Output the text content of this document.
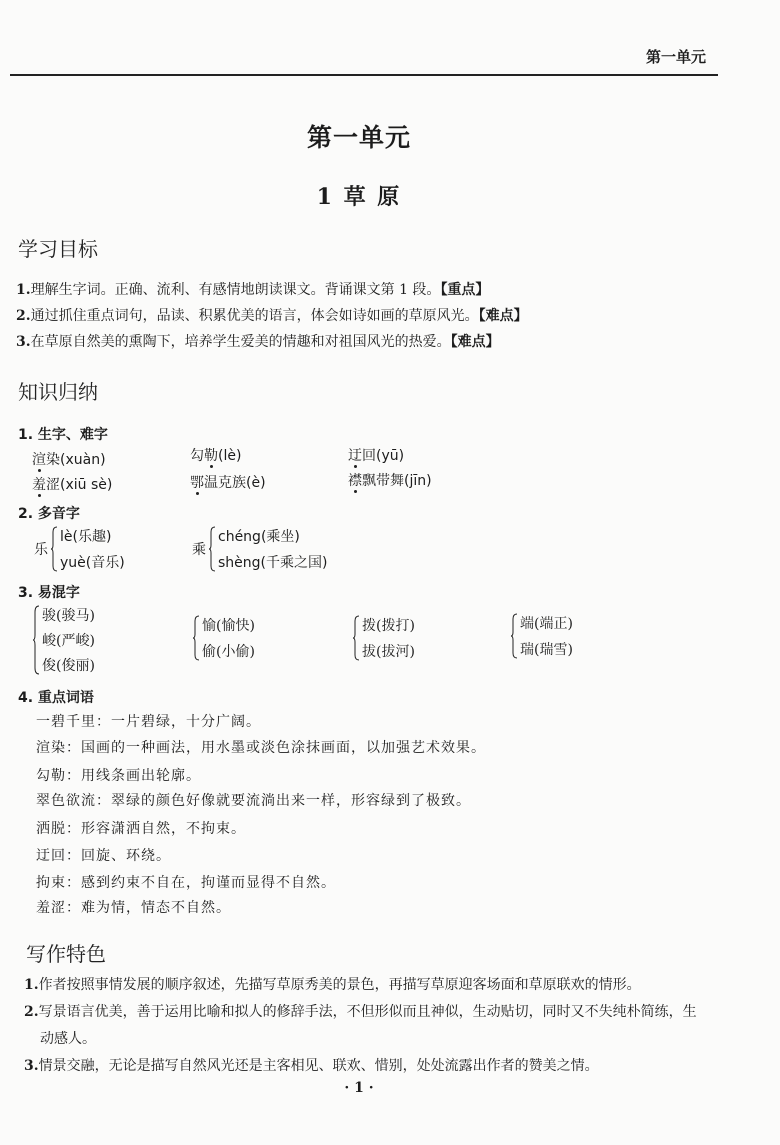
第一单元
第一单元
1 草 原
学习目标
1.理解生字词。正确、流利、有感情地朗读课文。背诵课文第 1 段。【重点】
2.通过抓住重点词句，品读、积累优美的语言，体会如诗如画的草原风光。【难点】
3.在草原自然美的熏陶下，培养学生爱美的情趣和对祖国风光的热爱。【难点】
知识归纳
1. 生字、难字
渲染(xuàn)	勾勒(lè)	迂回(yū)
羞涩(xiū sè)	鄂温克族(è)	襟飘带舞(jīn)
2. 多音字
乐
lè(乐趣)
yuè(音乐)
乘
chéng(乘坐)
shèng(千乘之国)
3. 易混字
骏(骏马)
峻(严峻)
俊(俊丽)
愉(愉快)
偷(小偷)
拨(拨打)
拔(拔河)
端(端正)
瑞(瑞雪)
4. 重点词语
一碧千里：一片碧绿，十分广阔。
渲染：国画的一种画法，用水墨或淡色涂抹画面，以加强艺术效果。
勾勒：用线条画出轮廓。
翠色欲流：翠绿的颜色好像就要流淌出来一样，形容绿到了极致。
洒脱：形容潇洒自然，不拘束。
迂回：回旋、环绕。
拘束：感到约束不自在，拘谨而显得不自然。
羞涩：难为情，情态不自然。
写作特色
1.作者按照事情发展的顺序叙述，先描写草原秀美的景色，再描写草原迎客场面和草原联欢的情形。
2.写景语言优美，善于运用比喻和拟人的修辞手法，不但形似而且神似，生动贴切，同时又不失纯朴简练，生
动感人。
3.情景交融，无论是描写自然风光还是主客相见、联欢、惜别，处处流露出作者的赞美之情。
· 1 ·
